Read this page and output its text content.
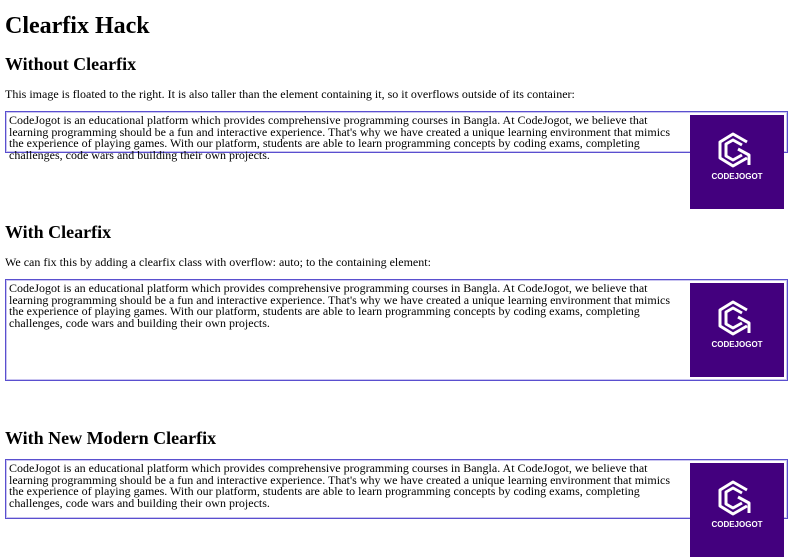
Clearfix Hack
Without Clearfix

This image is floated to the right. It is also taller than the element containing it, so it overflows outside of its container:

CodeJogot is an educational platform which provides comprehensive programming courses in Bangla. At CodeJogot, we believe that learning programming should be a fun and interactive experience. That's why we have created a unique learning environment that mimics the experience of playing games. With our platform, students are able to learn programming concepts by coding exams, completing challenges, code wars and building their own projects.

CODEJOGOT
With Clearfix

We can fix this by adding a clearfix class with overflow: auto; to the containing element:

CodeJogot is an educational platform which provides comprehensive programming courses in Bangla. At CodeJogot, we believe that learning programming should be a fun and interactive experience. That's why we have created a unique learning environment that mimics the experience of playing games. With our platform, students are able to learn programming concepts by coding exams, completing challenges, code wars and building their own projects.

CODEJOGOT
With New Modern Clearfix

CodeJogot is an educational platform which provides comprehensive programming courses in Bangla. At CodeJogot, we believe that learning programming should be a fun and interactive experience. That's why we have created a unique learning environment that mimics the experience of playing games. With our platform, students are able to learn programming concepts by coding exams, completing challenges, code wars and building their own projects.

CODEJOGOT
